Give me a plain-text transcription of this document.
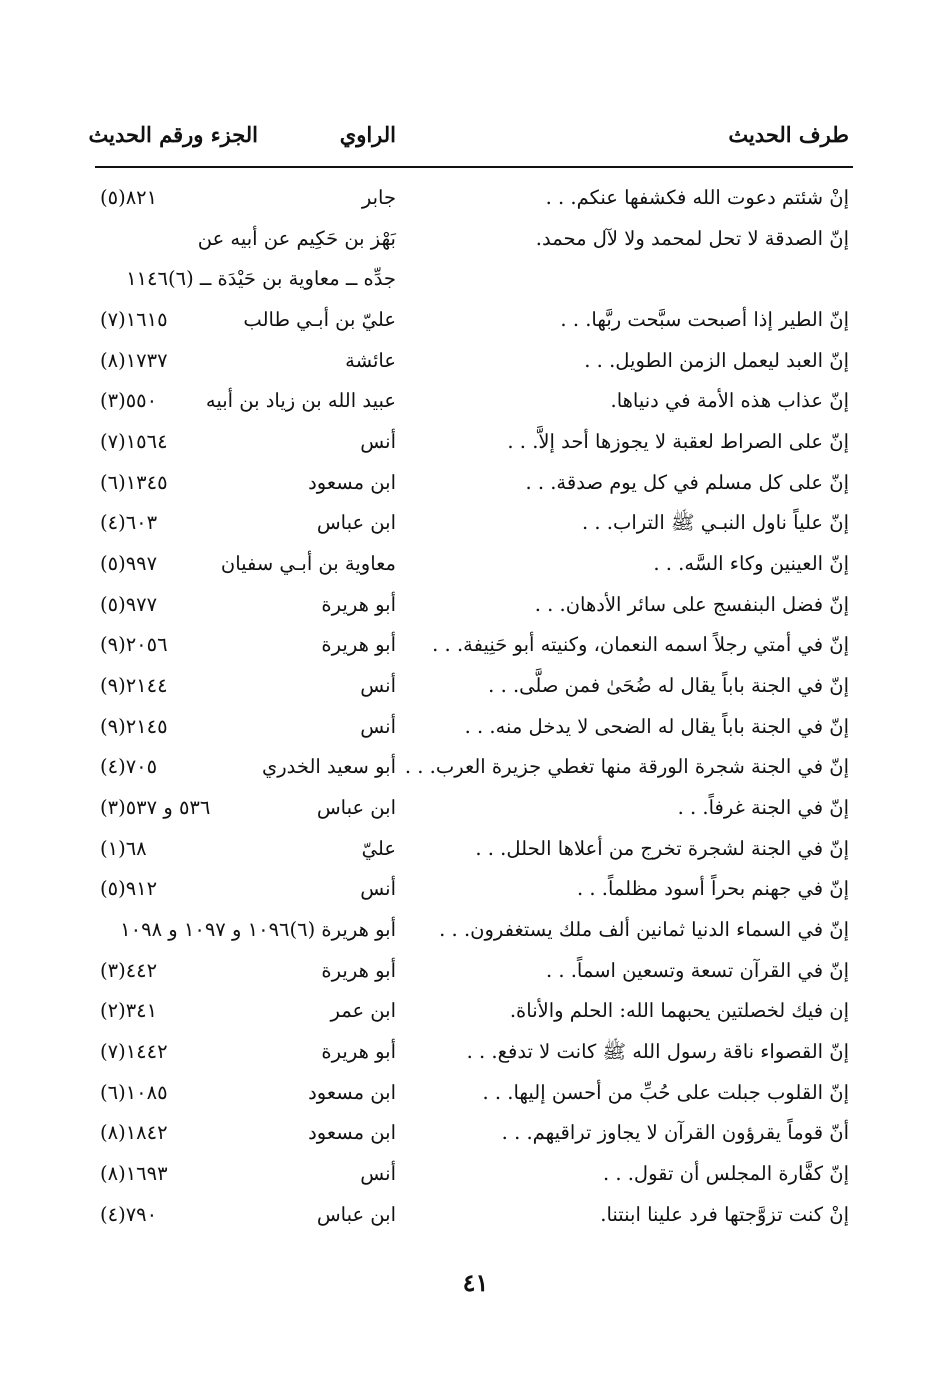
طرف الحديث
الراوي
الجزء ورقم الحديث
إنْ شئتم دعوت الله فكشفها عنكم. . .
جابر
٨٢١(٥)
إنّ الصدقة لا تحل لمحمد ولا لآل محمد.
بَهْز بن حَكِيم عن أبيه عن
جدِّه ــ معاوية بن حَيْدَة ــ (٦)١١٤٦
إنّ الطير إذا أصبحت سبَّحت ربَّها. . .
عليّ بن أبـي طالب
١٦١٥(٧)
إنّ العبد ليعمل الزمن الطويل. . .
عائشة
١٧٣٧(٨)
إنّ عذاب هذه الأمة في دنياها.
عبيد الله بن زياد بن أبيه
٥٥٠(٣)
إنّ على الصراط لعقبة لا يجوزها أحد إلاَّ. . .
أنس
١٥٦٤(٧)
إنّ على كل مسلم في كل يوم صدقة. . .
ابن مسعود
١٣٤٥(٦)
إنّ علياً ناول النبـي ﷺ التراب. . .
ابن عباس
٦٠٣(٤)
إنّ العينين وكاء السَّه. . .
معاوية بن أبـي سفيان
٩٩٧(٥)
إنّ فضل البنفسج على سائر الأدهان. . .
أبو هريرة
٩٧٧(٥)
إنّ في أمتي رجلاً اسمه النعمان، وكنيته أبو حَنِيفة. . .
أبو هريرة
٢٠٥٦(٩)
إنّ في الجنة باباً يقال له ضُحَىٰ فمن صلَّى. . .
أنس
٢١٤٤(٩)
إنّ في الجنة باباً يقال له الضحى لا يدخل منه. . .
أنس
٢١٤٥(٩)
إنّ في الجنة شجرة الورقة منها تغطي جزيرة العرب. . .
أبو سعيد الخدري
٧٠٥(٤)
إنّ في الجنة غرفاً. . .
ابن عباس
(٣)٥٣٦ و ٥٣٧
إنّ في الجنة لشجرة تخرج من أعلاها الحلل. . .
عليّ
٦٨(١)
إنّ في جهنم بحراً أسود مظلماً. . .
أنس
٩١٢(٥)
إنّ في السماء الدنيا ثمانين ألف ملك يستغفرون. . .
أبو هريرة (٦)١٠٩٦ و ١٠٩٧ و ١٠٩٨
إنّ في القرآن تسعة وتسعين اسماً. . .
أبو هريرة
٤٤٢(٣)
إن فيك لخصلتين يحبهما الله: الحلم والأناة.
ابن عمر
٣٤١(٢)
إنّ القصواء ناقة رسول الله ﷺ كانت لا تدفع. . .
أبو هريرة
١٤٤٢(٧)
إنّ القلوب جبلت على حُبِّ من أحسن إليها. . .
ابن مسعود
١٠٨٥(٦)
أنّ قوماً يقرؤون القرآن لا يجاوز تراقيهم. . .
ابن مسعود
١٨٤٢(٨)
إنّ كفَّارة المجلس أن تقول. . .
أنس
١٦٩٣(٨)
إنْ كنت تزوَّجتها فرد علينا ابنتنا.
ابن عباس
٧٩٠(٤)
٤١
